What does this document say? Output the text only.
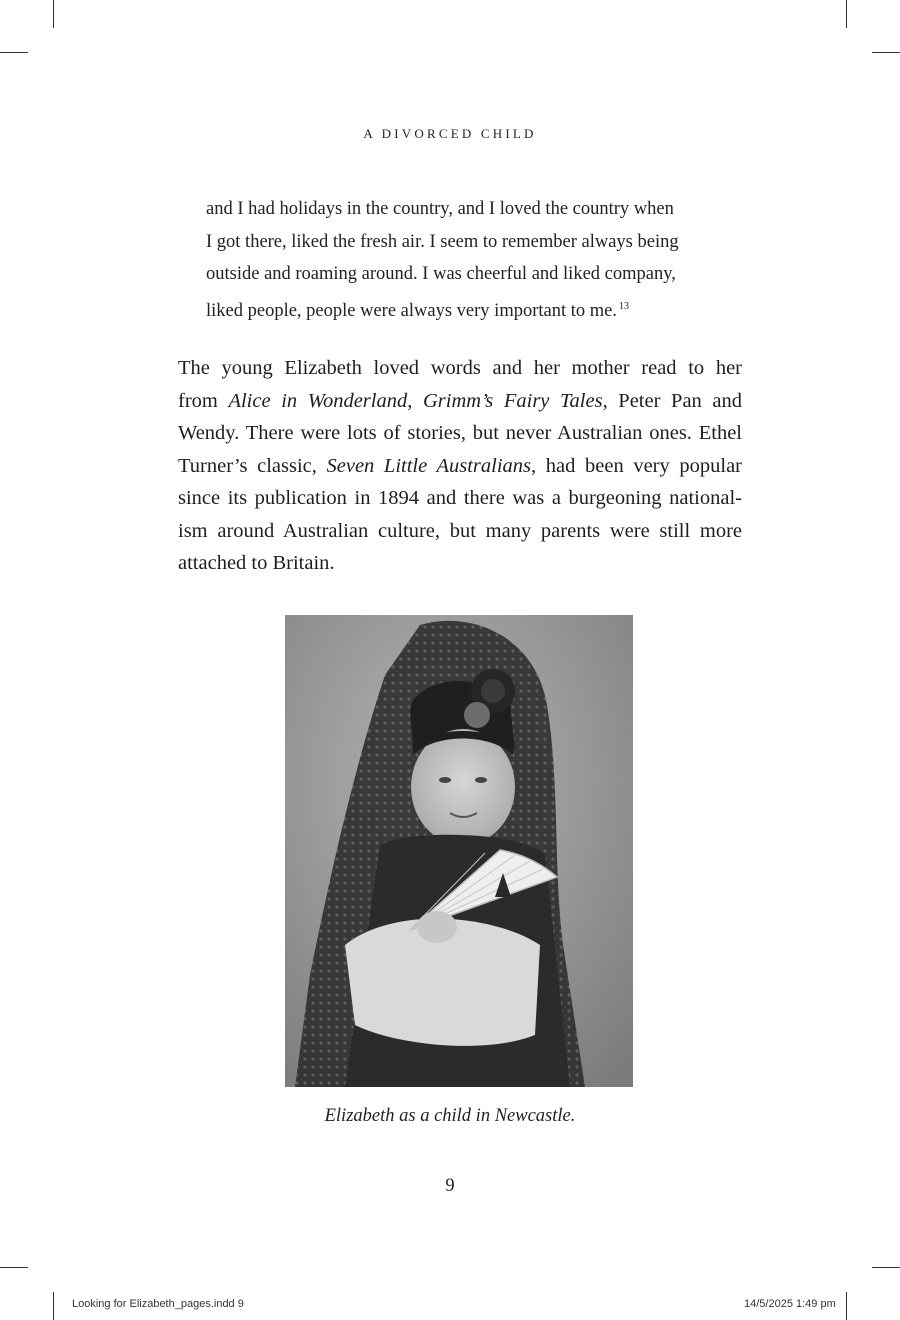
A DIVORCED CHILD

and I had holidays in the country, and I loved the country when

I got there, liked the fresh air. I seem to remember always being

outside and roaming around. I was cheerful and liked company,

liked people, people were always very important to me. $^{13}$

The young Elizabeth loved words and her mother read to her

from Alice in Wonderland, Grimm’s Fairy Tales, Peter Pan and

Wendy. There were lots of stories, but never Australian ones. Ethel

Turner’s classic, Seven Little Australians, had been very popular

since its publication in 1894 and there was a burgeoning national-

ism around Australian culture, but many parents were still more

attached to Britain.

Elizabeth as a child in Newcastle.
9
Looking for Elizabeth_pages.indd 9	14/5/2025 1:49 pm
